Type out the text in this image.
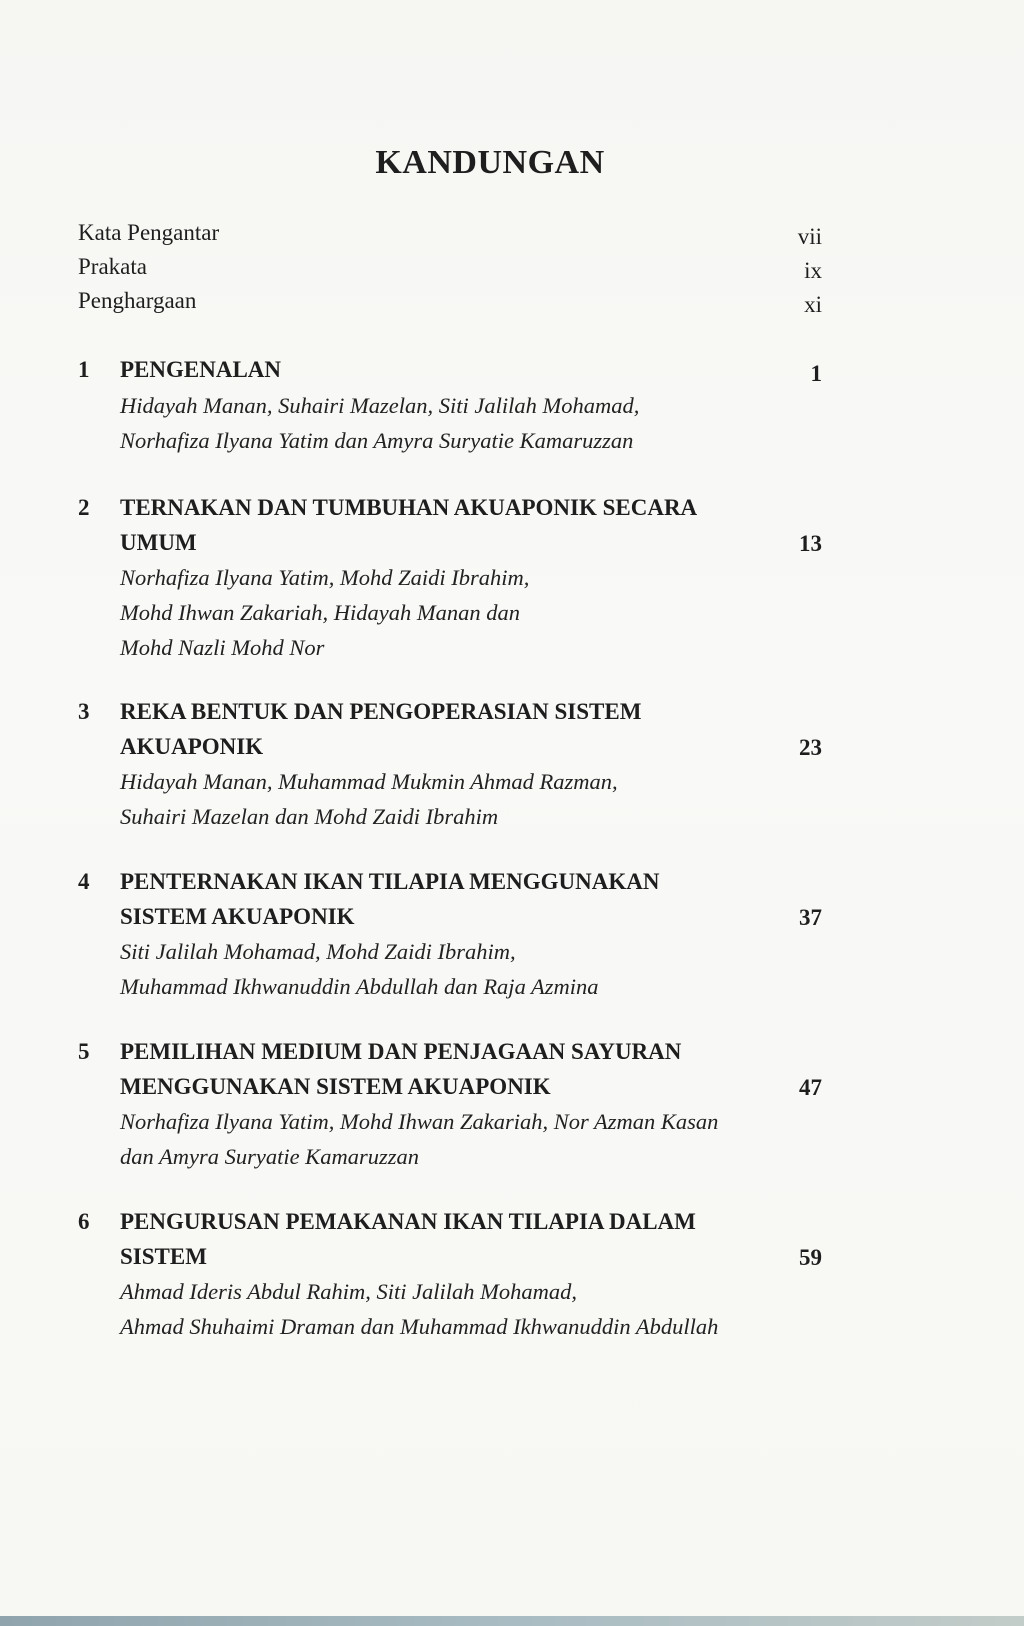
KANDUNGAN
Kata Pengantar	vii
Prakata	ix
Penghargaan	xi
1 PENGENALAN	1
Hidayah Manan, Suhairi Mazelan, Siti Jalilah Mohamad,
Norhafiza Ilyana Yatim dan Amyra Suryatie Kamaruzzan
2 TERNAKAN DAN TUMBUHAN AKUAPONIK SECARA
UMUM	13
Norhafiza Ilyana Yatim, Mohd Zaidi Ibrahim,
Mohd Ihwan Zakariah, Hidayah Manan dan
Mohd Nazli Mohd Nor
3 REKA BENTUK DAN PENGOPERASIAN SISTEM
AKUAPONIK	23
Hidayah Manan, Muhammad Mukmin Ahmad Razman,
Suhairi Mazelan dan Mohd Zaidi Ibrahim
4 PENTERNAKAN IKAN TILAPIA MENGGUNAKAN
SISTEM AKUAPONIK	37
Siti Jalilah Mohamad, Mohd Zaidi Ibrahim,
Muhammad Ikhwanuddin Abdullah dan Raja Azmina
5 PEMILIHAN MEDIUM DAN PENJAGAAN SAYURAN
MENGGUNAKAN SISTEM AKUAPONIK	47
Norhafiza Ilyana Yatim, Mohd Ihwan Zakariah, Nor Azman Kasan
dan Amyra Suryatie Kamaruzzan
6 PENGURUSAN PEMAKANAN IKAN TILAPIA DALAM
SISTEM	59
Ahmad Ideris Abdul Rahim, Siti Jalilah Mohamad,
Ahmad Shuhaimi Draman dan Muhammad Ikhwanuddin Abdullah
